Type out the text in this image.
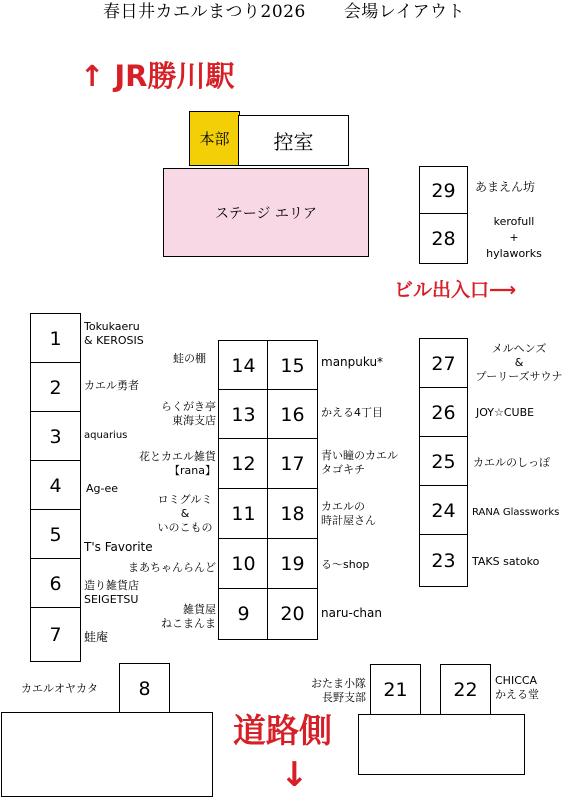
春日井カエルまつり2026 会場レイアウト
↑ JR勝川駅
本部 控室
ステージ エリア
29
28
あまえん坊
kerofull
+
hylaworks
ビル出入口⟶
1
2
3
4
5
6
7
Tokukaeru
& KEROSIS
カエル勇者
aquarius
Ag-ee
T's Favorite
造り雑貨店
SEIGETSU
蛙庵
14 15
13 16
12 17
11 18
10 19
9 20
蛙の棚
らくがき亭
東海支店
花とカエル雑貨
【rana】
ロミグルミ
&
いのこもの
まあちゃんらんど
雑貨屋
ねこまんま
manpuku*
かえる4丁目
青い瞳のカエル
タゴキチ
カエルの
時計屋さん
る〜shop
naru-chan
27
26
25
24
23
メルヘンズ
&
プーリーズサウナ
JOY☆CUBE
カエルのしっぽ
RANA Glassworks
TAKS satoko
8
カエルオヤカタ	21 22
おたま小隊
長野支部
CHICCA
かえる堂
道路側
↓
